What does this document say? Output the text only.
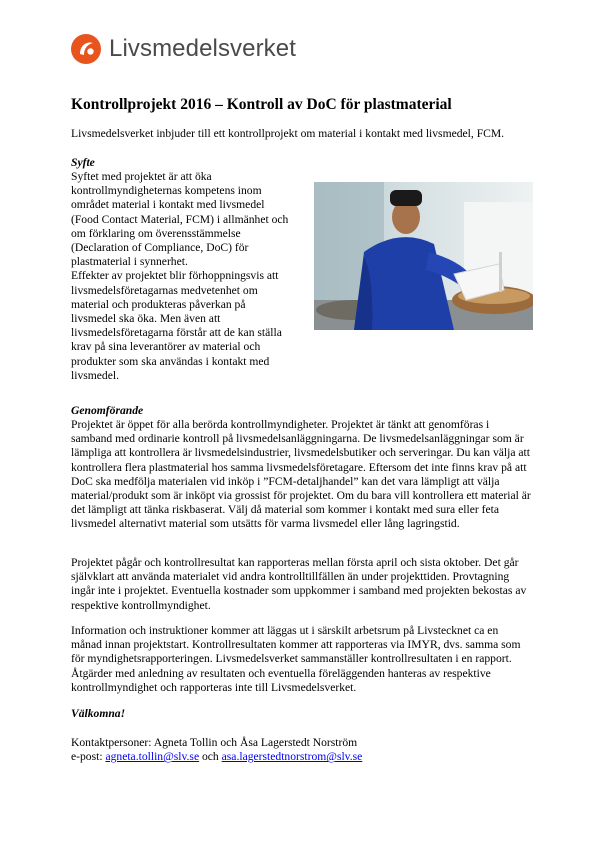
Livsmedelsverket
Kontrollprojekt 2016 – Kontroll av DoC för plastmaterial
Livsmedelsverket inbjuder till ett kontrollprojekt om material i kontakt med livsmedel, FCM.
Syfte

Syftet med projektet är att öka kontrollmyndigheternas kompetens inom området material i kontakt med livsmedel (Food Contact Material, FCM) i allmänhet och om förklaring om överensstämmelse (Declaration of Compliance, DoC) för plastmaterial i synnerhet.

Effekter av projektet blir förhoppningsvis att livsmedelsföretagarnas medvetenhet om material och produkteras påverkan på livsmedel ska öka. Men även att livsmedelsföretagarna förstår att de kan ställa krav på sina leverantörer av material och produkter som ska användas i kontakt med livsmedel.

Genomförande
Projektet är öppet för alla berörda kontrollmyndigheter. Projektet är tänkt att genomföras i samband med ordinarie kontroll på livsmedelsanläggningarna. De livsmedelsanläggningar som är lämpliga att kontrollera är livsmedelsindustrier, livsmedelsbutiker och serveringar. Du kan välja att kontrollera flera plastmaterial hos samma livsmedelsföretagare. Eftersom det inte finns krav på att DoC ska medfölja materialen vid inköp i ”FCM-detaljhandel” kan det vara lämpligt att välja material/produkt som är inköpt via grossist för projektet. Om du bara vill kontrollera ett material är det lämpligt att tänka riskbaserat. Välj då material som kommer i kontakt med sura eller feta livsmedel alternativt material som utsätts för varma livsmedel eller lång lagringstid.
Projektet pågår och kontrollresultat kan rapporteras mellan första april och sista oktober. Det går självklart att använda materialet vid andra kontrolltillfällen än under projekttiden. Provtagning ingår inte i projektet. Eventuella kostnader som uppkommer i samband med projekten bekostas av respektive kontrollmyndighet.
Information och instruktioner kommer att läggas ut i särskilt arbetsrum på Livstecknet ca en månad innan projektstart. Kontrollresultaten kommer att rapporteras via IMYR, dvs. samma som för myndighetsrapporteringen. Livsmedelsverket sammanställer kontrollresultaten i en rapport. Åtgärder med anledning av resultaten och eventuella föreläggenden hanteras av respektive kontrollmyndighet och rapporteras inte till Livsmedelsverket.
Välkomna!

Kontaktpersoner: Agneta Tollin och Åsa Lagerstedt Norström

e-post: agneta.tollin@slv.se och asa.lagerstedtnorstrom@slv.se
